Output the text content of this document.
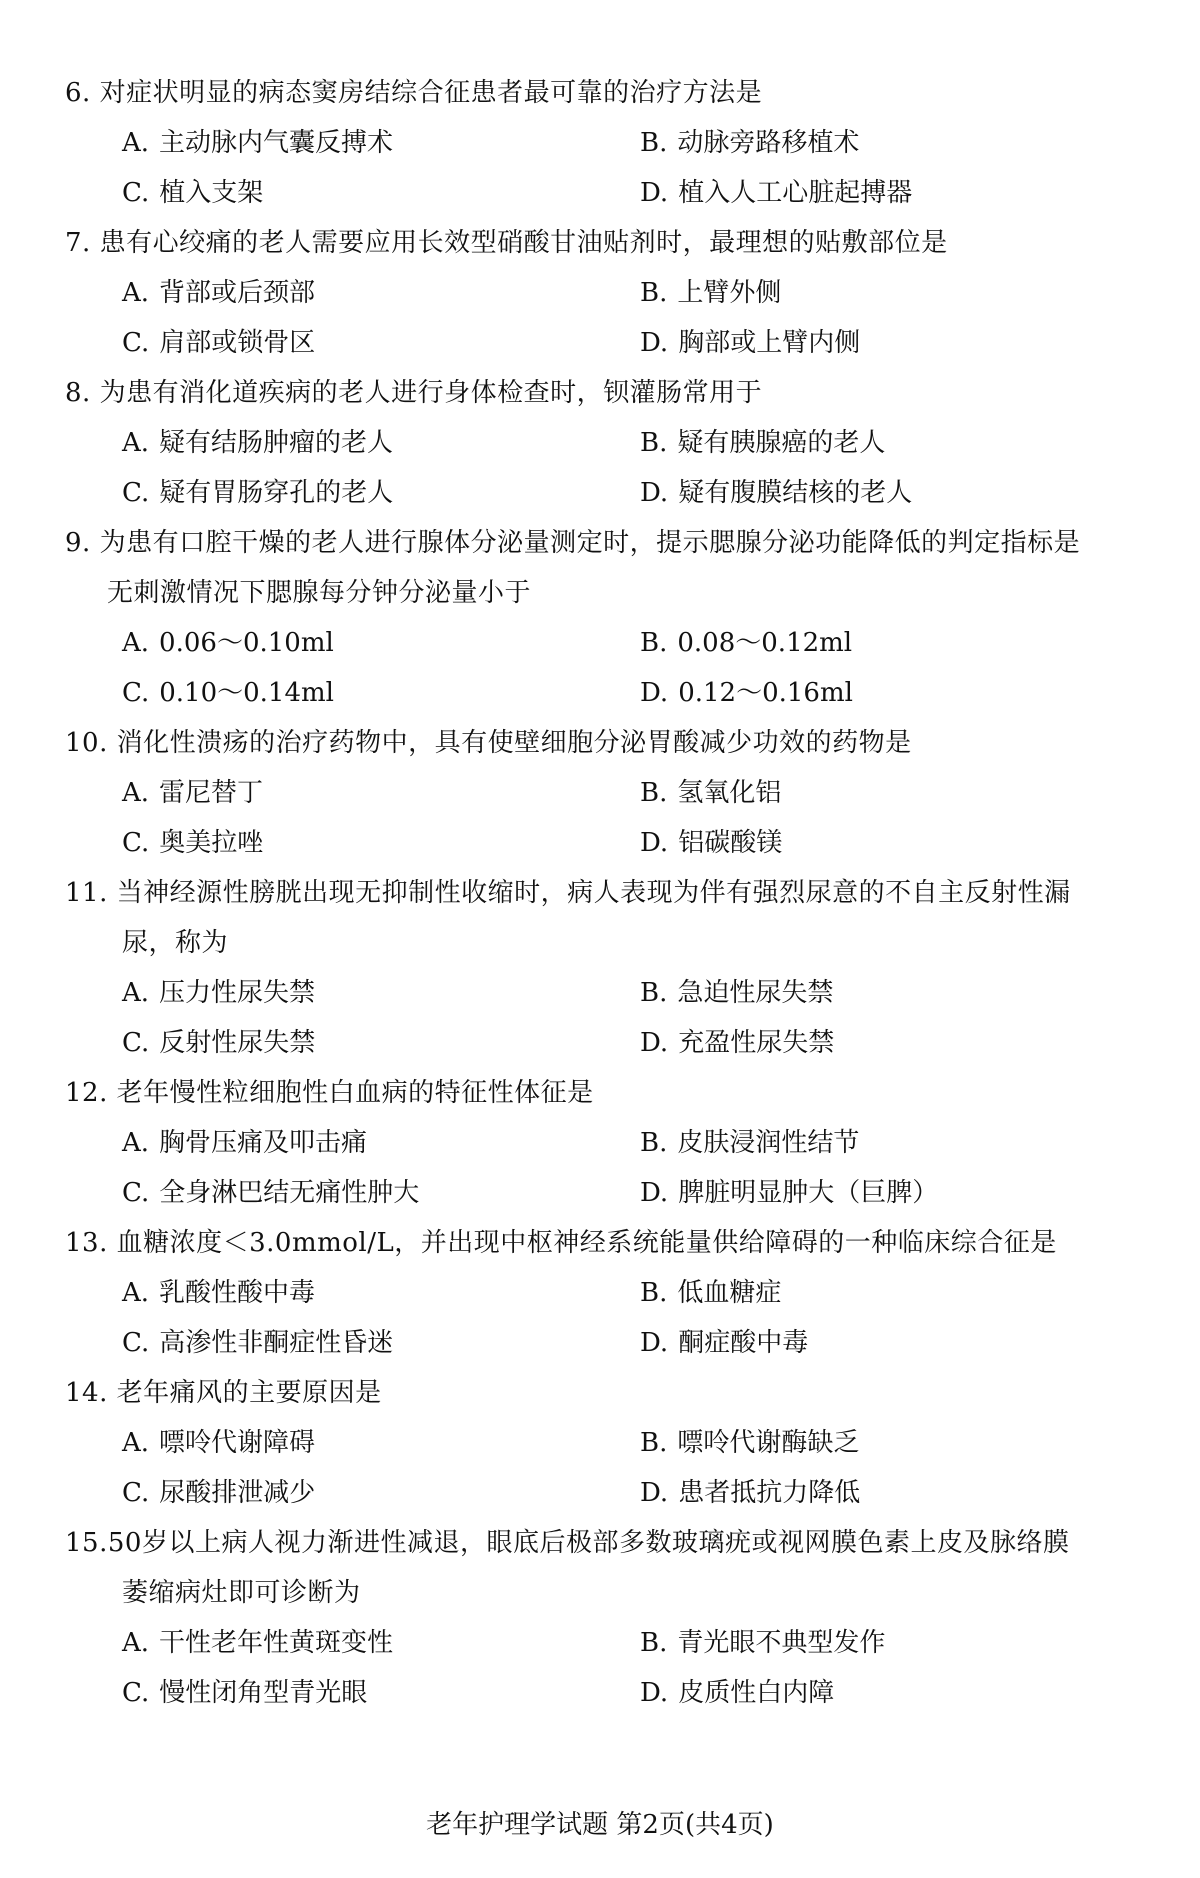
6. 对症状明显的病态窦房结综合征患者最可靠的治疗方法是
A. 主动脉内气囊反搏术	B. 动脉旁路移植术
C. 植入支架	D. 植入人工心脏起搏器
7. 患有心绞痛的老人需要应用长效型硝酸甘油贴剂时，最理想的贴敷部位是
A. 背部或后颈部	B. 上臂外侧
C. 肩部或锁骨区	D. 胸部或上臂内侧
8. 为患有消化道疾病的老人进行身体检查时，钡灌肠常用于
A. 疑有结肠肿瘤的老人	B. 疑有胰腺癌的老人
C. 疑有胃肠穿孔的老人	D. 疑有腹膜结核的老人
9. 为患有口腔干燥的老人进行腺体分泌量测定时，提示腮腺分泌功能降低的判定指标是
无刺激情况下腮腺每分钟分泌量小于
A. 0.06～0.10ml	B. 0.08～0.12ml
C. 0.10～0.14ml	D. 0.12～0.16ml
10. 消化性溃疡的治疗药物中，具有使壁细胞分泌胃酸减少功效的药物是
A. 雷尼替丁	B. 氢氧化铝
C. 奥美拉唑	D. 铝碳酸镁
11. 当神经源性膀胱出现无抑制性收缩时，病人表现为伴有强烈尿意的不自主反射性漏
尿，称为
A. 压力性尿失禁	B. 急迫性尿失禁
C. 反射性尿失禁	D. 充盈性尿失禁
12. 老年慢性粒细胞性白血病的特征性体征是
A. 胸骨压痛及叩击痛	B. 皮肤浸润性结节
C. 全身淋巴结无痛性肿大	D. 脾脏明显肿大（巨脾）
13. 血糖浓度＜3.0mmol/L，并出现中枢神经系统能量供给障碍的一种临床综合征是
A. 乳酸性酸中毒	B. 低血糖症
C. 高渗性非酮症性昏迷	D. 酮症酸中毒
14. 老年痛风的主要原因是
A. 嘌呤代谢障碍	B. 嘌呤代谢酶缺乏
C. 尿酸排泄减少	D. 患者抵抗力降低
15.50岁以上病人视力渐进性减退，眼底后极部多数玻璃疣或视网膜色素上皮及脉络膜
萎缩病灶即可诊断为
A. 干性老年性黄斑变性	B. 青光眼不典型发作
C. 慢性闭角型青光眼	D. 皮质性白内障
老年护理学试题 第2页(共4页)
